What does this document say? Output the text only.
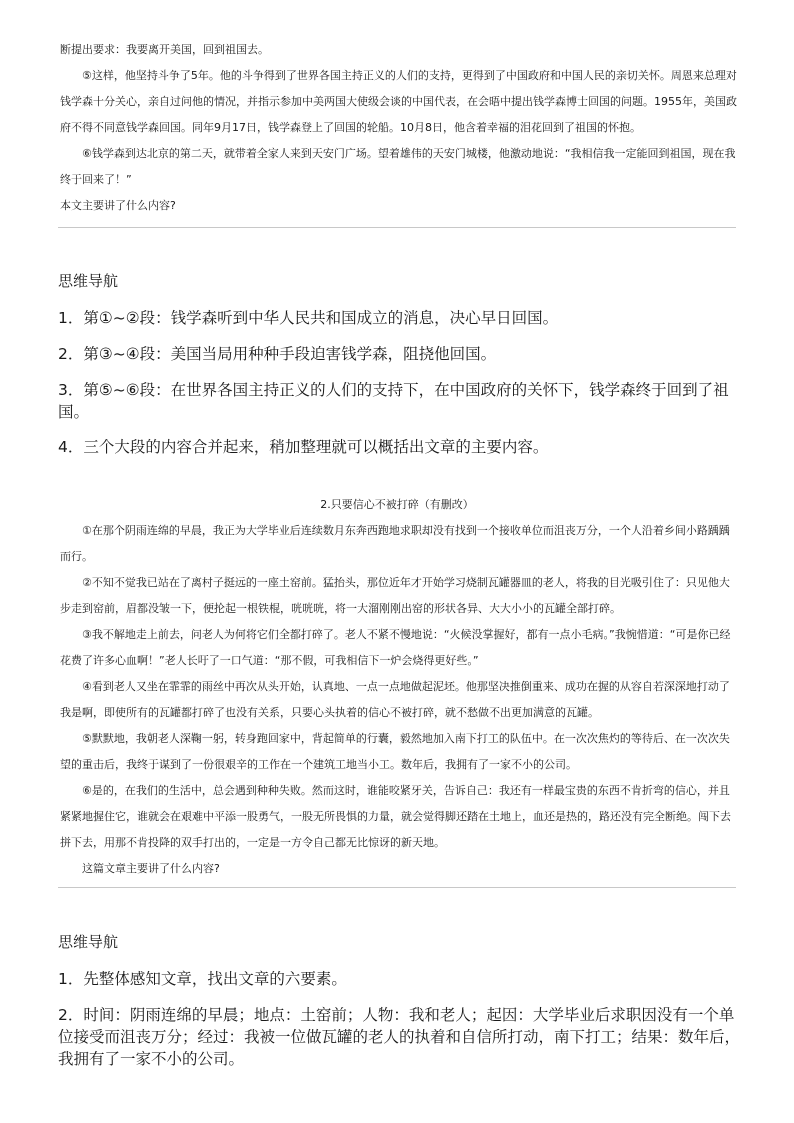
断提出要求：我要离开美国，回到祖国去。
⑤这样，他坚持斗争了5年。他的斗争得到了世界各国主持正义的人们的支持，更得到了中国政府和中国人民的亲切关怀。周恩来总理对钱学森十分关心，亲自过问他的情况，并指示参加中美两国大使级会谈的中国代表，在会晤中提出钱学森博士回国的问题。1955年，美国政府不得不同意钱学森回国。同年9月17日，钱学森登上了回国的轮船。10月8日，他含着幸福的泪花回到了祖国的怀抱。
⑥钱学森到达北京的第二天，就带着全家人来到天安门广场。望着雄伟的天安门城楼，他激动地说：“我相信我一定能回到祖国，现在我终于回来了！”
本文主要讲了什么内容?
思维导航
1．第①~②段：钱学森听到中华人民共和国成立的消息，决心早日回国。
2．第③~④段：美国当局用种种手段迫害钱学森，阻挠他回国。
3．第⑤~⑥段：在世界各国主持正义的人们的支持下，在中国政府的关怀下，钱学森终于回到了祖国。
4．三个大段的内容合并起来，稍加整理就可以概括出文章的主要内容。
2.只要信心不被打碎（有删改）
①在那个阴雨连绵的早晨，我正为大学毕业后连续数月东奔西跑地求职却没有找到一个接收单位而沮丧万分，一个人沿着乡间小路踽踽而行。
②不知不觉我已站在了离村子挺远的一座土窑前。猛抬头，那位近年才开始学习烧制瓦罐器皿的老人，将我的目光吸引住了：只见他大步走到窑前，眉都没皱一下，便抡起一根铁棍，咣咣咣，将一大溜刚刚出窑的形状各异、大大小小的瓦罐全部打碎。
③我不解地走上前去，问老人为何将它们全都打碎了。老人不紧不慢地说：“火候没掌握好，都有一点小毛病。”我惋惜道：“可是你已经花费了许多心血啊！”老人长吁了一口气道：“那不假，可我相信下一炉会烧得更好些。”
④看到老人又坐在霏霏的雨丝中再次从头开始，认真地、一点一点地做起泥坯。他那坚决推倒重来、成功在握的从容自若深深地打动了我是啊，即使所有的瓦罐都打碎了也没有关系，只要心头执着的信心不被打碎，就不愁做不出更加满意的瓦罐。
⑤默默地，我朝老人深鞠一躬，转身跑回家中，背起简单的行囊，毅然地加入南下打工的队伍中。在一次次焦灼的等待后、在一次次失望的重击后，我终于谋到了一份很艰辛的工作在一个建筑工地当小工。数年后，我拥有了一家不小的公司。
⑥是的，在我们的生活中，总会遇到种种失败。然而这时，谁能咬紧牙关，告诉自己：我还有一样最宝贵的东西不肯折弯的信心，并且紧紧地握住它，谁就会在艰难中平添一股勇气，一股无所畏惧的力量，就会觉得脚还踏在土地上，血还是热的，路还没有完全断绝。闯下去拼下去，用那不肯投降的双手打出的，一定是一方令自己都无比惊讶的新天地。
这篇文章主要讲了什么内容?
思维导航
1．先整体感知文章，找出文章的六要素。
2．时间：阴雨连绵的早晨；地点：土窑前；人物：我和老人；起因：大学毕业后求职因没有一个单位接受而沮丧万分；经过：我被一位做瓦罐的老人的执着和自信所打动，南下打工；结果：数年后，我拥有了一家不小的公司。
